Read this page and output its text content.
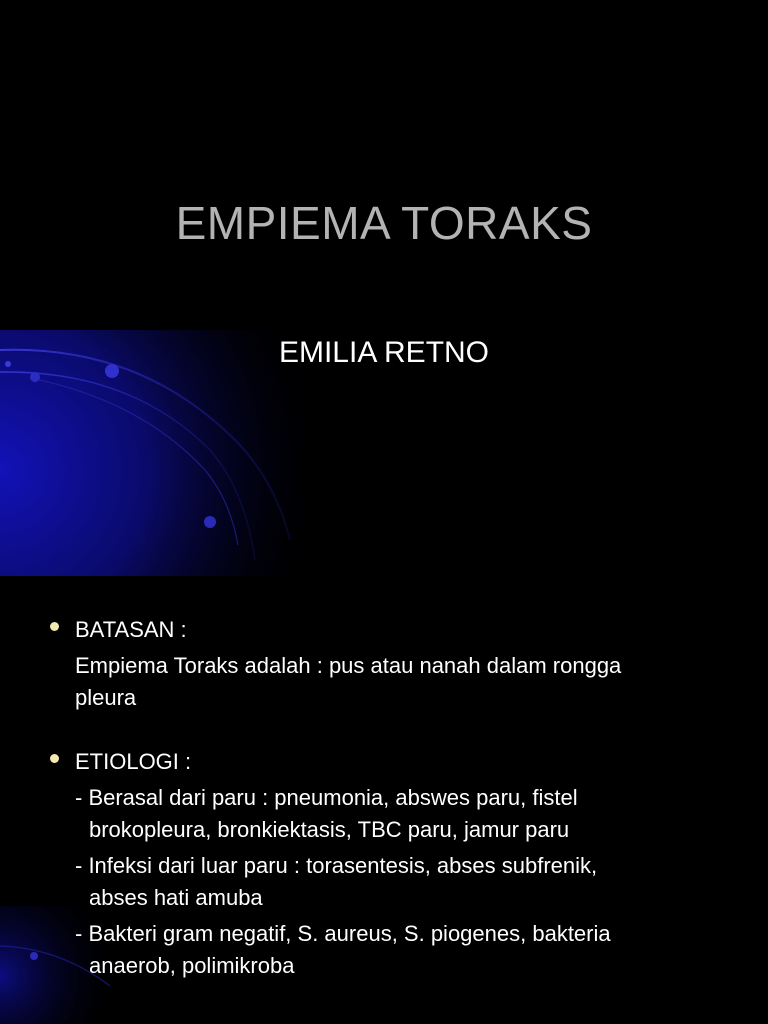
EMPIEMA TORAKS
EMILIA RETNO
BATASAN :
Empiema Toraks adalah : pus atau nanah dalam rongga
pleura
ETIOLOGI :
- Berasal dari paru : pneumonia, abswes paru, fistel
brokopleura, bronkiektasis, TBC paru, jamur paru
- Infeksi dari luar paru : torasentesis, abses subfrenik,
abses hati amuba
- Bakteri gram negatif, S. aureus, S. piogenes, bakteria
anaerob, polimikroba
